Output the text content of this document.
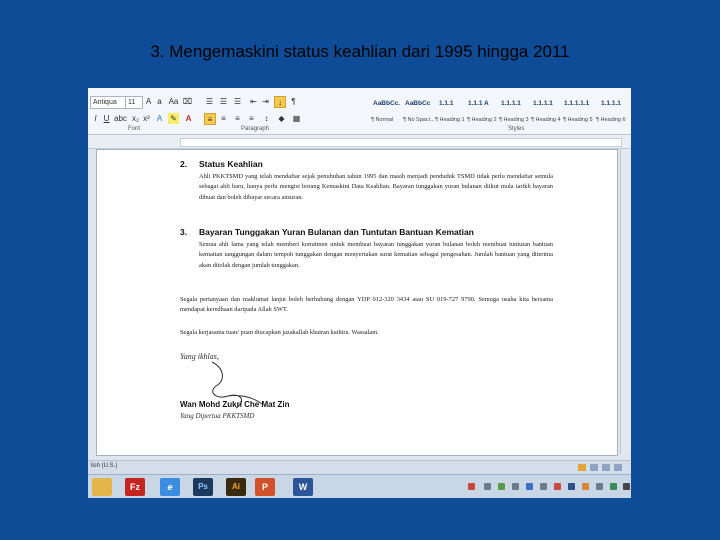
3. Mengemaskini status keahlian dari 1995 hingga 2011
Antiqua	11	A a Aa ⌧
I U abc x₂ x² A ✎	A
Font
☰ ☰ ☰ ⇤ ⇥	↓	¶
≡	≡	≡	≡	↕	◆	▦
Paragraph
AaBbCc.
¶ Normal
AaBbCc
¶ No Spaci...
1.1.1
¶ Heading 1
1.1.1 A
¶ Heading 2
1.1.1.1
¶ Heading 3
1.1.1.1
¶ Heading 4
1.1.1.1.1
¶ Heading 5
1.1.1.1
¶ Heading 6
Styles
2. Status Keahlian
Ahli PKKTSMD yang telah mendaftar sejak penubuhan tahun 1995 dan masih menjadi penduduk TSMD tidak perlu mendaftar semula sebagai ahli baru, hanya perlu mengisi borang Kemaskini Data Keahlian. Bayaran tunggakan yuran bulanan diikut mula tarikh bayaran dibuat dan boleh dibayar secara ansuran.
3. Bayaran Tunggakan Yuran Bulanan dan Tuntutan Bantuan Kematian
Semua ahli lama yang telah memberi komitmen untuk membuat bayaran tunggakan yuran bulanan boleh membuat tuntutan bantuan kematian tanggungan dalam tempoh tunggakan dengan menyertakan surat kematian sebagai pengesahan. Jumlah bantuan yang diterima akan ditolak dengan jumlah tunggakan.
Segala pertanyaan dan maklumat lanjut boleh berhubung dengan YDP 012-320 3434 atau SU 019-727 9790. Semoga usaha kita bersama mendapat keredhaan daripada Allah SWT.
Segala kerjasama tuan/ puan diucapkan jazakallah khairan kathira. Wassalam.
Yang ikhlas,
Wan Mohd Zukri Che Mat Zin
Yang Dipertua PKKTSMD
lish (U.S.)
Fz	e	Ps	Ai	P	W
